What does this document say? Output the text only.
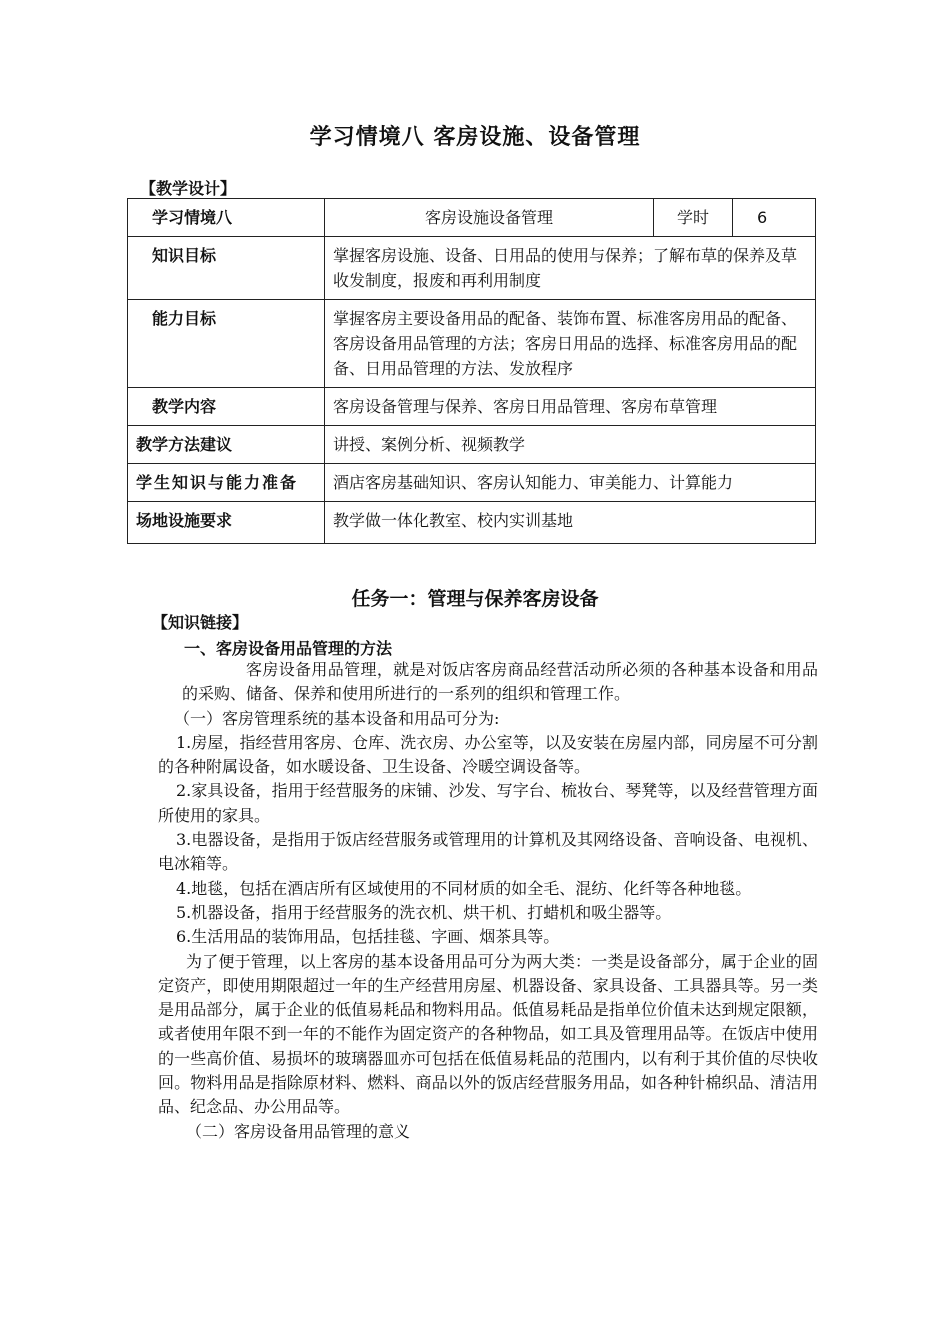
学习情境八 客房设施、设备管理
【教学设计】
学习情境八	客房设施设备管理	学时	6
知识目标	掌握客房设施、设备、日用品的使用与保养；了解布草的保养及草收发制度，报废和再利用制度		
能力目标	掌握客房主要设备用品的配备、装饰布置、标准客房用品的配备、客房设备用品管理的方法；客房日用品的选择、标准客房用品的配备、日用品管理的方法、发放程序		
教学内容	客房设备管理与保养、客房日用品管理、客房布草管理		
教学方法建议	讲授、案例分析、视频教学		
学生知识与能力准备	酒店客房基础知识、客房认知能力、审美能力、计算能力		
场地设施要求	教学做一体化教室、校内实训基地		
任务一：管理与保养客房设备
【知识链接】
一、客房设备用品管理的方法

客房设备用品管理，就是对饭店客房商品经营活动所必须的各种基本设备和用品的采购、储备、保养和使用所进行的一系列的组织和管理工作。

（一）客房管理系统的基本设备和用品可分为:

1.房屋，指经营用客房、仓库、洗衣房、办公室等，以及安装在房屋内部，同房屋不可分割的各种附属设备，如水暖设备、卫生设备、冷暖空调设备等。

2.家具设备，指用于经营服务的床铺、沙发、写字台、梳妆台、琴凳等，以及经营管理方面所使用的家具。

3.电器设备，是指用于饭店经营服务或管理用的计算机及其网络设备、音响设备、电视机、电冰箱等。

4.地毯，包括在酒店所有区域使用的不同材质的如全毛、混纺、化纤等各种地毯。

5.机器设备，指用于经营服务的洗衣机、烘干机、打蜡机和吸尘器等。

6.生活用品的装饰用品，包括挂毯、字画、烟茶具等。

为了便于管理，以上客房的基本设备用品可分为两大类：一类是设备部分，属于企业的固定资产，即使用期限超过一年的生产经营用房屋、机器设备、家具设备、工具器具等。另一类是用品部分，属于企业的低值易耗品和物料用品。低值易耗品是指单位价值未达到规定限额，或者使用年限不到一年的不能作为固定资产的各种物品，如工具及管理用品等。在饭店中使用的一些高价值、易损坏的玻璃器皿亦可包括在低值易耗品的范围内，以有利于其价值的尽快收回。物料用品是指除原材料、燃料、商品以外的饭店经营服务用品，如各种针棉织品、清洁用品、纪念品、办公用品等。

（二）客房设备用品管理的意义
